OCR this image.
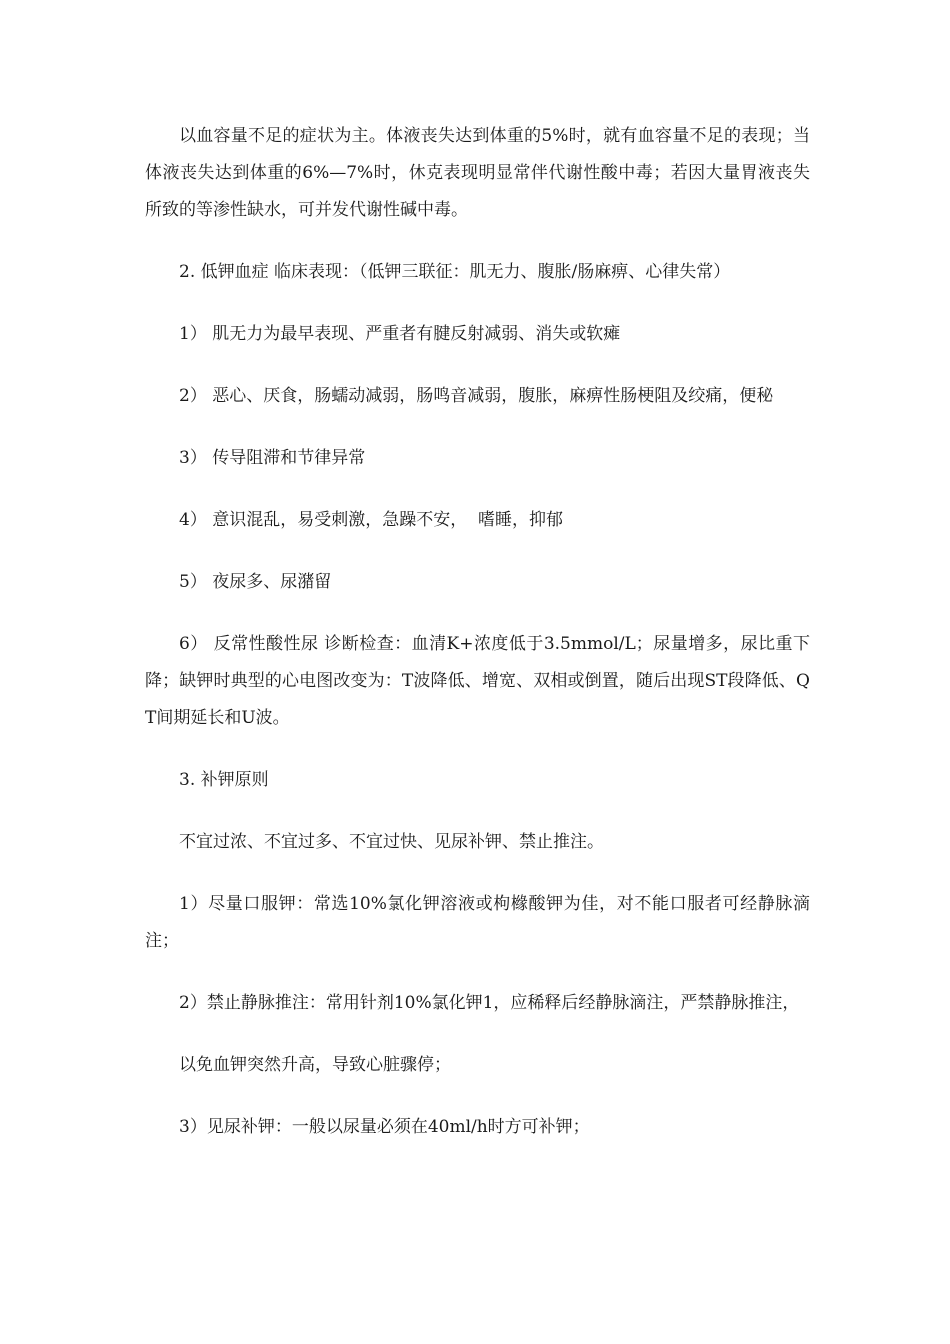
以血容量不足的症状为主。体液丧失达到体重的5%时，就有血容量不足的表现；当体液丧失达到体重的6%—7%时，休克表现明显常伴代谢性酸中毒；若因大量胃液丧失所致的等渗性缺水，可并发代谢性碱中毒。

2. 低钾血症 临床表现：（低钾三联征：肌无力、腹胀/肠麻痹、心律失常）

1） 肌无力为最早表现、严重者有腱反射减弱、消失或软瘫

2） 恶心、厌食，肠蠕动减弱，肠鸣音减弱，腹胀，麻痹性肠梗阻及绞痛，便秘

3） 传导阻滞和节律异常

4） 意识混乱，易受刺激，急躁不安，  嗜睡，抑郁

5） 夜尿多、尿潴留

6） 反常性酸性尿 诊断检查：血清K+浓度低于3.5mmol/L；尿量增多，尿比重下降；缺钾时典型的心电图改变为：T波降低、增宽、双相或倒置，随后出现ST段降低、QT间期延长和U波。

3. 补钾原则

不宜过浓、不宜过多、不宜过快、见尿补钾、禁止推注。

1）尽量口服钾：常选10%氯化钾溶液或枸橼酸钾为佳，对不能口服者可经静脉滴注；

2）禁止静脉推注：常用针剂10%氯化钾1，应稀释后经静脉滴注，严禁静脉推注，

以免血钾突然升高，导致心脏骤停；

3）见尿补钾：一般以尿量必须在40ml/h时方可补钾；
